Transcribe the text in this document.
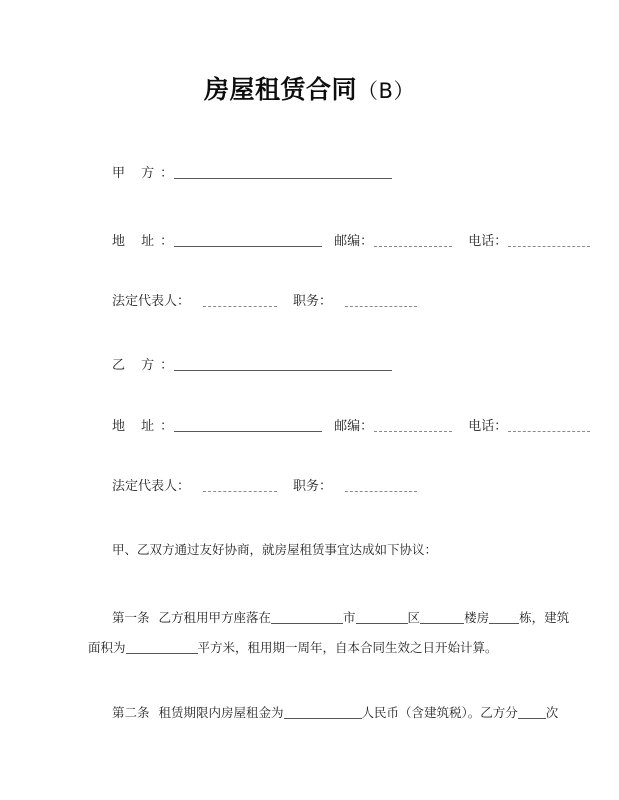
房屋租赁合同（B）
甲 方：
地 址：	邮编：	电话：
法定代表人：	职务：
乙 方：
地 址：	邮编：	电话：
法定代表人：	职务：
甲、乙双方通过友好协商，就房屋租赁事宜达成如下协议：
第一条 乙方租用甲方座落在	市	区	楼房 栋，建筑
面积为	平方米，租用期一周年，自本合同生效之日开始计算。
第二条 租赁期限内房屋租金为	人民币（含建筑税）。乙方分 次
